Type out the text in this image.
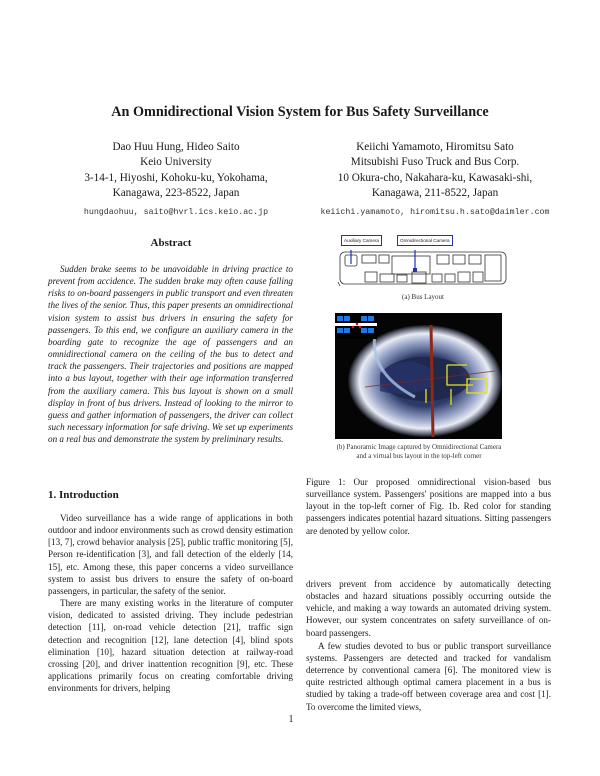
An Omnidirectional Vision System for Bus Safety Surveillance
Dao Huu Hung, Hideo Saito
Keio University
3-14-1, Hiyoshi, Kohoku-ku, Yokohama,
Kanagawa, 223-8522, Japan
hungdaohuu, saito@hvrl.ics.keio.ac.jp
Keiichi Yamamoto, Hiromitsu Sato
Mitsubishi Fuso Truck and Bus Corp.
10 Okura-cho, Nakahara-ku, Kawasaki-shi,
Kanagawa, 211-8522, Japan
keiichi.yamamoto, hiromitsu.h.sato@daimler.com
Abstract
Sudden brake seems to be unavoidable in driving practice to prevent from accidence. The sudden brake may often cause falling risks to on-board passengers in public transport and even threaten the lives of the senior. Thus, this paper presents an omnidirectional vision system to assist bus drivers in ensuring the safety for passengers. To this end, we configure an auxiliary camera in the boarding gate to recognize the age of passengers and an omnidirectional camera on the ceiling of the bus to detect and track the passengers. Their trajectories and positions are mapped into a bus layout, together with their age information transferred from the auxiliary camera. This bus layout is shown on a small display in front of bus drivers. Instead of looking to the mirror to guess and gather information of passengers, the driver can collect such necessary information for safe driving. We set up experiments on a real bus and demonstrate the system by preliminary results.
1. Introduction

Video surveillance has a wide range of applications in both outdoor and indoor environments such as crowd density estimation [13, 7], crowd behavior analysis [25], public traffic monitoring [5], Person re-identification [3], and fall detection of the elderly [14, 15], etc. Among these, this paper concerns a video surveillance system to assist bus drivers to ensure the safety of on-board passengers, in particular, the safety of the senior.

There are many existing works in the literature of computer vision, dedicated to assisted driving. They include pedestrian detection [11], on-road vehicle detection [21], traffic sign detection and recognition [12], lane detection [4], blind spots elimination [10], hazard situation detection at railway-road crossing [20], and driver inattention recognition [9], etc. These applications primarily focus on creating comfortable driving environments for drivers, helping

Auxiliary Camera	Omnidirectional Camera
(a) Bus Layout
(b) Panoramic Image captured by Omnidirectional Camera and a virtual bus layout in the top-left corner
Figure 1: Our proposed omnidirectional vision-based bus surveillance system. Passengers' positions are mapped into a bus layout in the top-left corner of Fig. 1b. Red color for standing passengers indicates potential hazard situations. Sitting passengers are denoted by yellow color.

drivers prevent from accidence by automatically detecting obstacles and hazard situations possibly occurring outside the vehicle, and making a way towards an automated driving system. However, our system concentrates on safety surveillance of on-board passengers.

A few studies devoted to bus or public transport surveillance systems. Passengers are detected and tracked for vandalism deterrence by conventional camera [6]. The monitored view is quite restricted although optimal camera placement in a bus is studied by taking a trade-off between coverage area and cost [1]. To overcome the limited views,

1
